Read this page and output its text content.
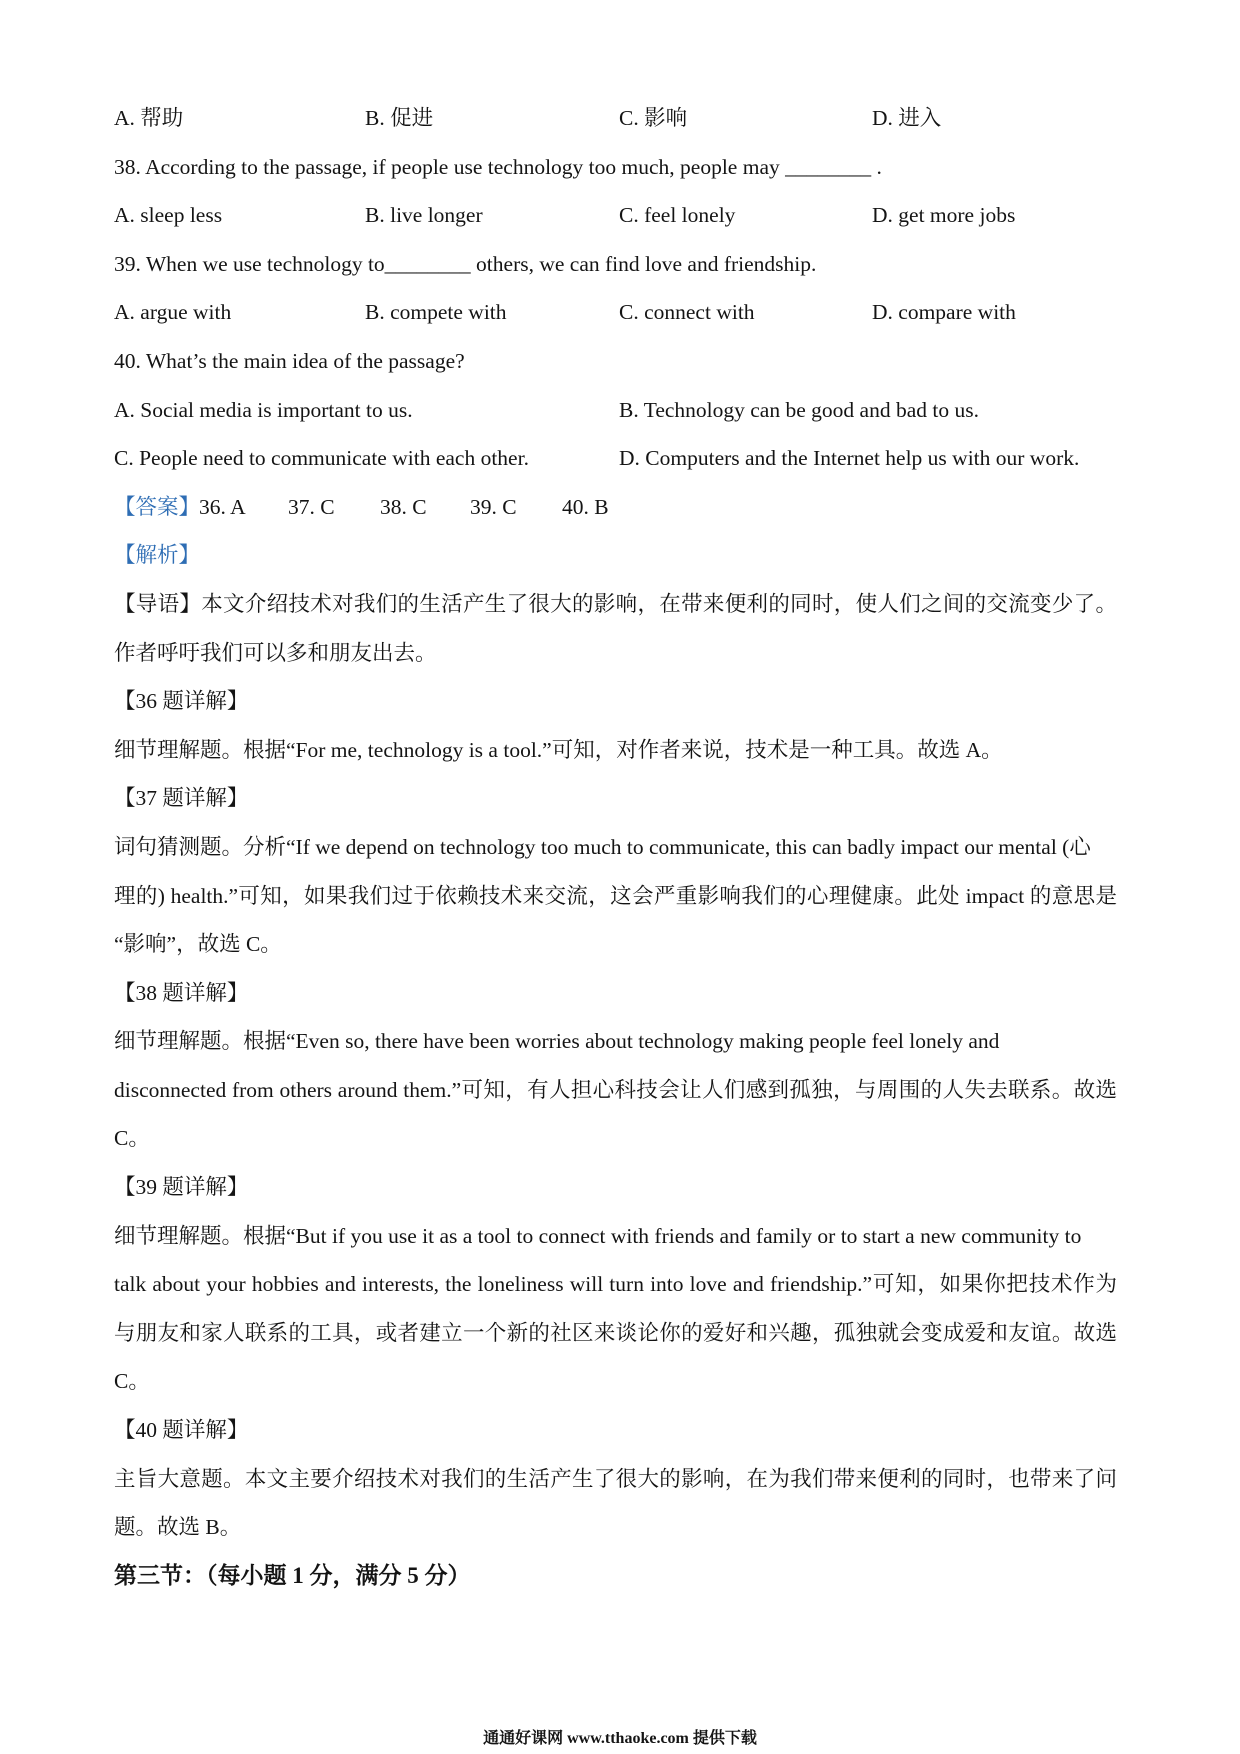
A. 帮助	B. 促进	C. 影响	D. 进入
38. According to the passage, if people use technology too much, people may ________ .
A. sleep less	B. live longer	C. feel lonely	D. get more jobs
39. When we use technology to________ others, we can find love and friendship.
A. argue with	B. compete with	C. connect with	D. compare with
40. What’s the main idea of the passage?
A. Social media is important to us.	B. Technology can be good and bad to us.
C. People need to communicate with each other.	D. Computers and the Internet help us with our work.
【答案】
36. A 37. C 38. C 39. C 40. B
【解析】
【导语】本文介绍技术对我们的生活产生了很大的影响，在带来便利的同时，使人们之间的交流变少了。
作者呼吁我们可以多和朋友出去。
【36 题详解】
细节理解题。根据“For me, technology is a tool.”可知，对作者来说，技术是一种工具。故选 A。
【37 题详解】
词句猜测题。分析“If we depend on technology too much to communicate, this can badly impact our mental (心
理的) health.”可知，如果我们过于依赖技术来交流，这会严重影响我们的心理健康。此处 impact 的意思是
“影响”，故选 C。
【38 题详解】
细节理解题。根据“Even so, there have been worries about technology making people feel lonely and
disconnected from others around them.”可知，有人担心科技会让人们感到孤独，与周围的人失去联系。故选
C。
【39 题详解】
细节理解题。根据“But if you use it as a tool to connect with friends and family or to start a new community to
talk about your hobbies and interests, the loneliness will turn into love and friendship.”可知，如果你把技术作为
与朋友和家人联系的工具，或者建立一个新的社区来谈论你的爱好和兴趣，孤独就会变成爱和友谊。故选
C。
【40 题详解】
主旨大意题。本文主要介绍技术对我们的生活产生了很大的影响，在为我们带来便利的同时，也带来了问
题。故选 B。
第三节：（每小题 1 分，满分 5 分）
通通好课网 www.tthaoke.com 提供下载
